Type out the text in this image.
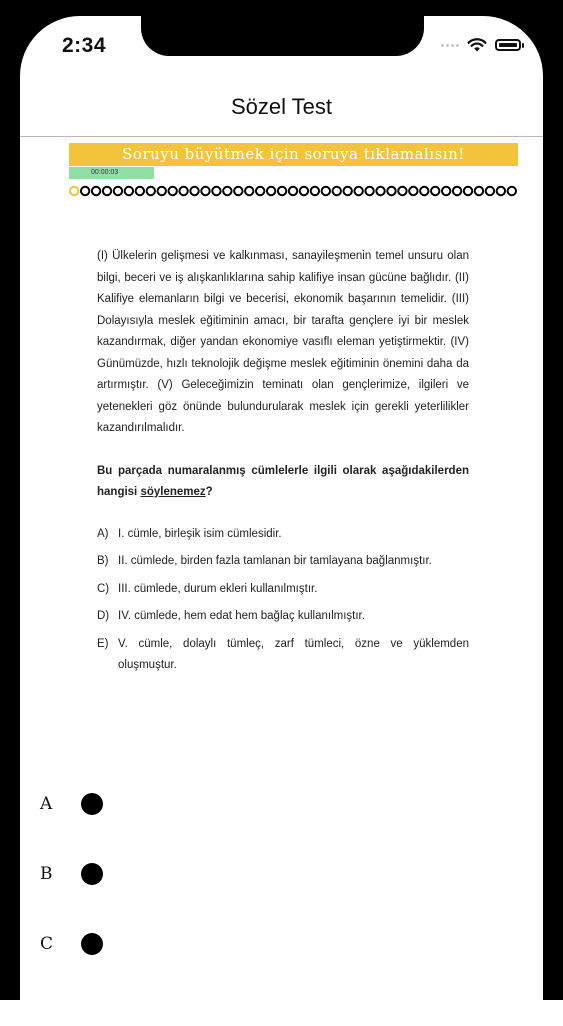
2:34
Sözel Test
Soruyu büyütmek için soruya tıklamalısın!
00:00:03

(I) Ülkelerin gelişmesi ve kalkınması, sanayileşmenin temel unsuru olan bilgi, beceri ve iş alışkanlıklarına sahip kalifiye insan gücüne bağlıdır. (II) Kalifiye elemanların bilgi ve becerisi, ekonomik başarının temelidir. (III) Dolayısıyla meslek eğitiminin amacı, bir tarafta gençlere iyi bir meslek kazandırmak, diğer yandan ekonomiye vasıflı eleman yetiştirmektir. (IV) Günümüzde, hızlı teknolojik değişme meslek eğitiminin önemini daha da artırmıştır. (V) Geleceğimizin teminatı olan gençlerimize, ilgileri ve yetenekleri göz önünde bulundurularak meslek için gerekli yeterlilikler kazandırılmalıdır.

Bu parçada numaralanmış cümlelerle ilgili olarak aşağıdakilerden hangisi söylenemez?

A) I. cümle, birleşik isim cümlesidir.
B) II. cümlede, birden fazla tamlanan bir tamlayana bağlanmıştır.
C) III. cümlede, durum ekleri kullanılmıştır.
D) IV. cümlede, hem edat hem bağlaç kullanılmıştır.
E) V. cümle, dolaylı tümleç, zarf tümleci, özne ve yüklemden oluşmuştur.
A
B
C
